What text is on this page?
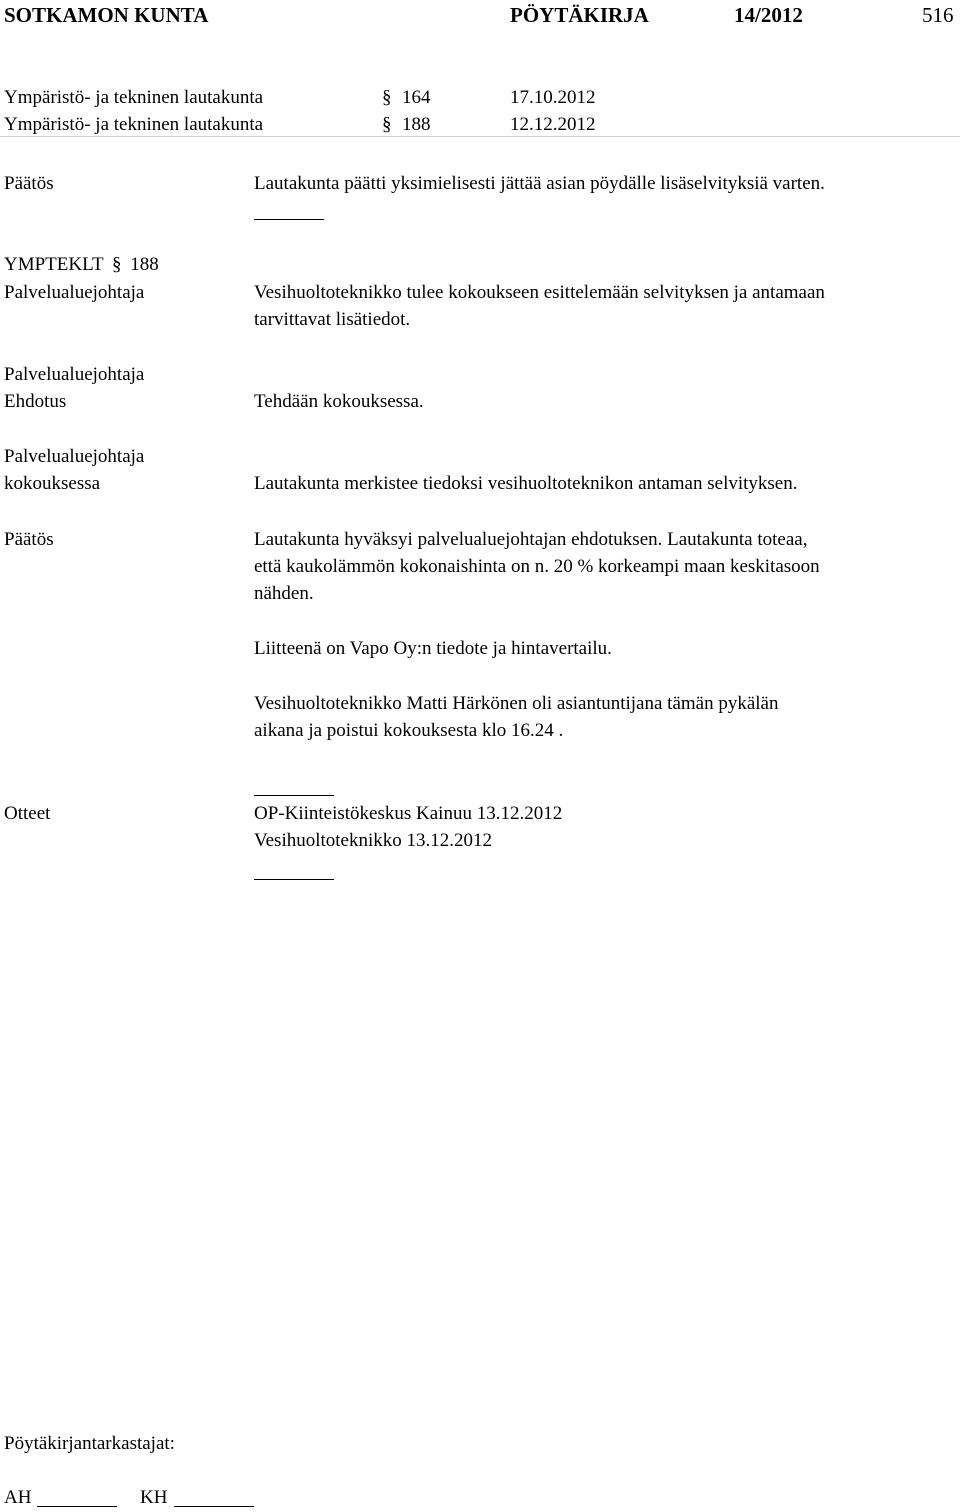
SOTKAMON KUNTA	PÖYTÄKIRJA	14/2012	516
Ympäristö- ja tekninen lautakunta	§ 164	17.10.2012
Ympäristö- ja tekninen lautakunta	§ 188	12.12.2012
Päätös	Lautakunta päätti yksimielisesti jättää asian pöydälle lisäselvityksiä varten.
YMPTEKLT § 188
Palvelualuejohtaja	Vesihuoltoteknikko tulee kokoukseen esittelemään selvityksen ja antamaan
tarvittavat lisätiedot.
Palvelualuejohtaja
Ehdotus	Tehdään kokouksessa.
Palvelualuejohtaja
kokouksessa	Lautakunta merkistee tiedoksi vesihuoltoteknikon antaman selvityksen.
Päätös	Lautakunta hyväksyi palvelualuejohtajan ehdotuksen. Lautakunta toteaa,
että kaukolämmön kokonaishinta on n. 20 % korkeampi maan keskitasoon
nähden.
Liitteenä on Vapo Oy:n tiedote ja hintavertailu.
Vesihuoltoteknikko Matti Härkönen oli asiantuntijana tämän pykälän
aikana ja poistui kokouksesta klo 16.24 .
Otteet	OP-Kiinteistökeskus Kainuu 13.12.2012
Vesihuoltoteknikko 13.12.2012
Pöytäkirjantarkastajat:
AH	KH
